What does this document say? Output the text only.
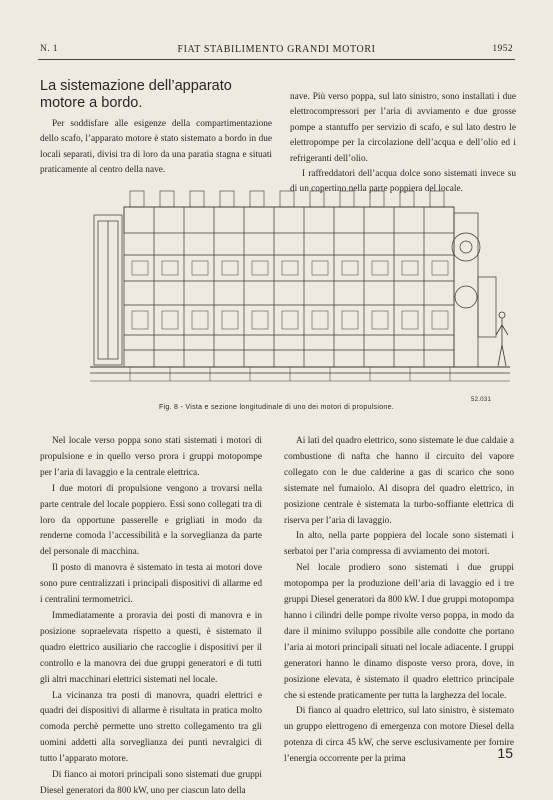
N. 1	FIAT STABILIMENTO GRANDI MOTORI	1952
La sistemazione dell’apparato motore a bordo.

Per soddisfare alle esigenze della compartimentazione dello scafo, l’apparato motore è stato sistemato a bordo in due locali separati, divisi tra di loro da una paratia stagna e situati praticamente al centro della nave.

nave. Più verso poppa, sul lato sinistro, sono installati i due elettrocompressori per l’aria di avviamento e due grosse pompe a stantuffo per servizio di scafo, e sul lato destro le elettropompe per la circolazione dell’acqua e dell’olio ed i refrigeranti dell’olio.

I raffreddatori dell’acqua dolce sono sistemati invece su di un copertino nella parte poppiera del locale.

52.031
Fig. 8 - Vista e sezione longitudinale di uno dei motori di propulsione.

Nel locale verso poppa sono stati sistemati i motori di propulsione e in quello verso prora i gruppi motopompe per l’aria di lavaggio e la centrale elettrica.

I due motori di propulsione vengono a trovarsi nella parte centrale del locale poppiero. Essi sono collegati tra di loro da opportune passerelle e grigliati in modo da renderne comoda l’accessibilità e la sorveglianza da parte del personale di macchina.

Il posto di manovra è sistemato in testa ai motori dove sono pure centralizzati i principali dispositivi di allarme ed i centralini termometrici.

Immediatamente a proravia dei posti di manovra e in posizione sopraelevata rispetto a questi, è sistemato il quadro elettrico ausiliario che raccoglie i dispositivi per il controllo e la manovra dei due gruppi generatori e di tutti gli altri macchinari elettrici sistemati nel locale.

La vicinanza tra posti di manovra, quadri elettrici e quadri dei dispositivi di allarme è risultata in pratica molto comoda perchè permette uno stretto collegamento tra gli uomini addetti alla sorveglianza dei punti nevralgici di tutto l’apparato motore.

Di fianco ai motori principali sono sistemati due gruppi Diesel generatori da 800 kW, uno per ciascun lato della

Ai lati del quadro elettrico, sono sistemate le due caldaie a combustione di nafta che hanno il circuito del vapore collegato con le due calderine a gas di scarico che sono sistemate nel fumaiolo. Al disopra del quadro elettrico, in posizione centrale è sistemata la turbo-soffiante elettrica di riserva per l’aria di lavaggio.

In alto, nella parte poppiera del locale sono sistemati i serbatoi per l’aria compressa di avviamento dei motori.

Nel locale prodiero sono sistemati i due gruppi motopompa per la produzione dell’aria di lavaggio ed i tre gruppi Diesel generatori da 800 kW. I due gruppi motopompa hanno i cilindri delle pompe rivolte verso poppa, in modo da dare il minimo sviluppo possibile alle condotte che portano l’aria ai motori principali situati nel locale adiacente. I gruppi generatori hanno le dinamo disposte verso prora, dove, in posizione elevata, è sistemato il quadro elettrico principale che si estende praticamente per tutta la larghezza del locale.

Di fianco al quadro elettrico, sul lato sinistro, è sistemato un gruppo elettrogeno di emergenza con motore Diesel della potenza di circa 45 kW, che serve esclusivamente per fornire l’energia occorrente per la prima	15
